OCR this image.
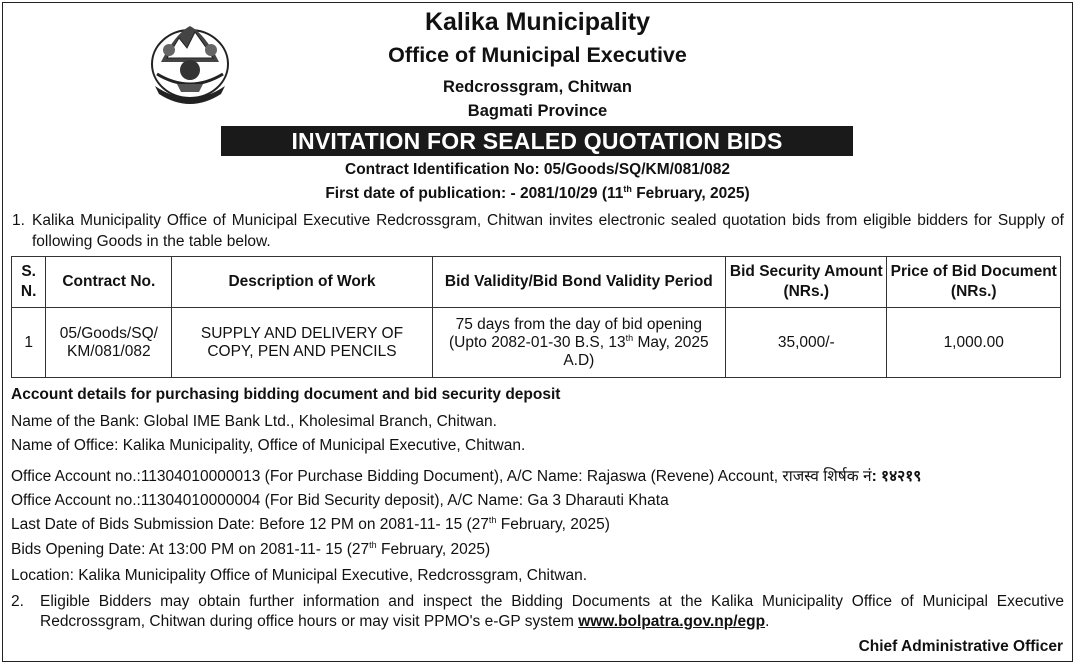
Kalika Municipality
Office of Municipal Executive
Redcrossgram, Chitwan
Bagmati Province
INVITATION FOR SEALED QUOTATION BIDS
Contract Identification No: 05/Goods/SQ/KM/081/082
First date of publication: - 2081/10/29 (11th February, 2025)
1. Kalika Municipality Office of Municipal Executive Redcrossgram, Chitwan invites electronic sealed quotation bids from eligible bidders for Supply of following Goods in the table below.
S. N.	Contract No.	Description of Work	Bid Validity/Bid Bond Validity Period	Bid Security Amount (NRs.)	Price of Bid Document (NRs.)
1	05/Goods/SQ/ KM/081/082	SUPPLY AND DELIVERY OF COPY, PEN AND PENCILS	75 days from the day of bid opening (Upto 2082-01-30 B.S, 13th May, 2025 A.D)	35,000/-	1,000.00
Account details for purchasing bidding document and bid security deposit
Name of the Bank: Global IME Bank Ltd., Kholesimal Branch, Chitwan.
Name of Office: Kalika Municipality, Office of Municipal Executive, Chitwan.
Office Account no.:11304010000013 (For Purchase Bidding Document), A/C Name: Rajaswa (Revene) Account, राजस्व शिर्षक नं: १४२१९
Office Account no.:11304010000004 (For Bid Security deposit), A/C Name: Ga 3 Dharauti Khata
Last Date of Bids Submission Date: Before 12 PM on 2081-11- 15 (27th February, 2025)
Bids Opening Date: At 13:00 PM on 2081-11- 15 (27th February, 2025)
Location: Kalika Municipality Office of Municipal Executive, Redcrossgram, Chitwan.
2.	Eligible Bidders may obtain further information and inspect the Bidding Documents at the Kalika Municipality Office of Municipal Executive Redcrossgram, Chitwan during office hours or may visit PPMO's e-GP system www.bolpatra.gov.np/egp.
Chief Administrative Officer
